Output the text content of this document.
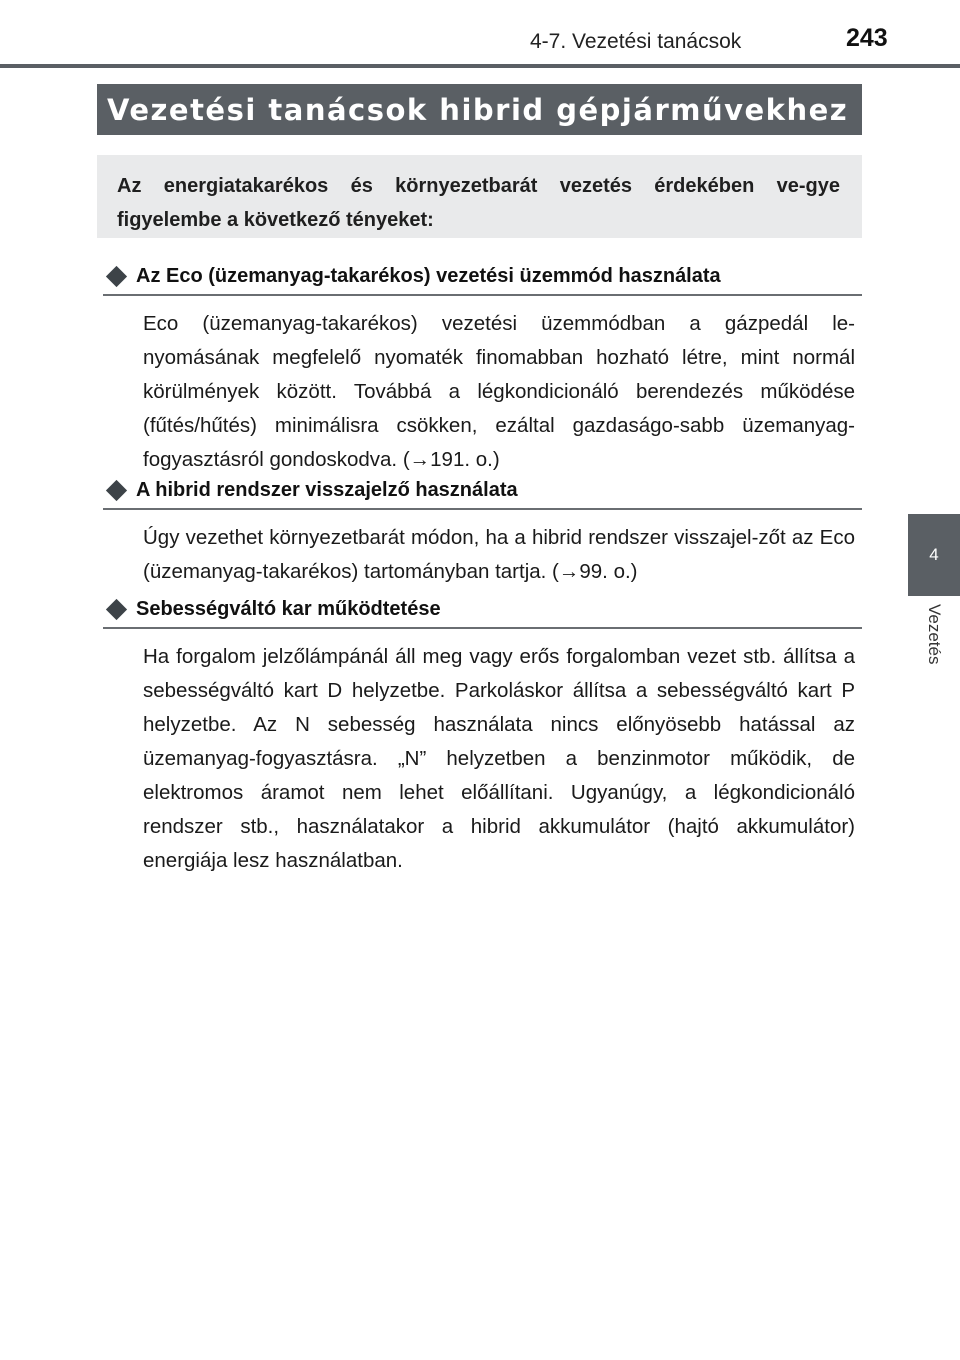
4-7. Vezetési tanácsok	243
4
Vezetés
Vezetési tanácsok hibrid gépjárművekhez
Az energiatakarékos és környezetbarát vezetés érdekében ve-gye figyelembe a következő tényeket:
Az Eco (üzemanyag-takarékos) vezetési üzemmód használata
Eco (üzemanyag-takarékos) vezetési üzemmódban a gázpedál le-nyomásának megfelelő nyomaték finomabban hozható létre, mint normál körülmények között. Továbbá a légkondicionáló berendezés működése (fűtés/hűtés) minimálisra csökken, ezáltal gazdaságo-sabb üzemanyag-fogyasztásról gondoskodva. (→191. o.)
A hibrid rendszer visszajelző használata
Úgy vezethet környezetbarát módon, ha a hibrid rendszer visszajel-zőt az Eco (üzemanyag-takarékos) tartományban tartja. (→99. o.)
Sebességváltó kar működtetése
Ha forgalom jelzőlámpánál áll meg vagy erős forgalomban vezet stb. állítsa a sebességváltó kart D helyzetbe. Parkoláskor állítsa a sebességváltó kart P helyzetbe. Az N sebesség használata nincs előnyösebb hatással az üzemanyag-fogyasztásra. „N” helyzetben a benzinmotor működik, de elektromos áramot nem lehet előállítani. Ugyanúgy, a légkondicionáló rendszer stb., használatakor a hibrid akkumulátor (hajtó akkumulátor) energiája lesz használatban.
